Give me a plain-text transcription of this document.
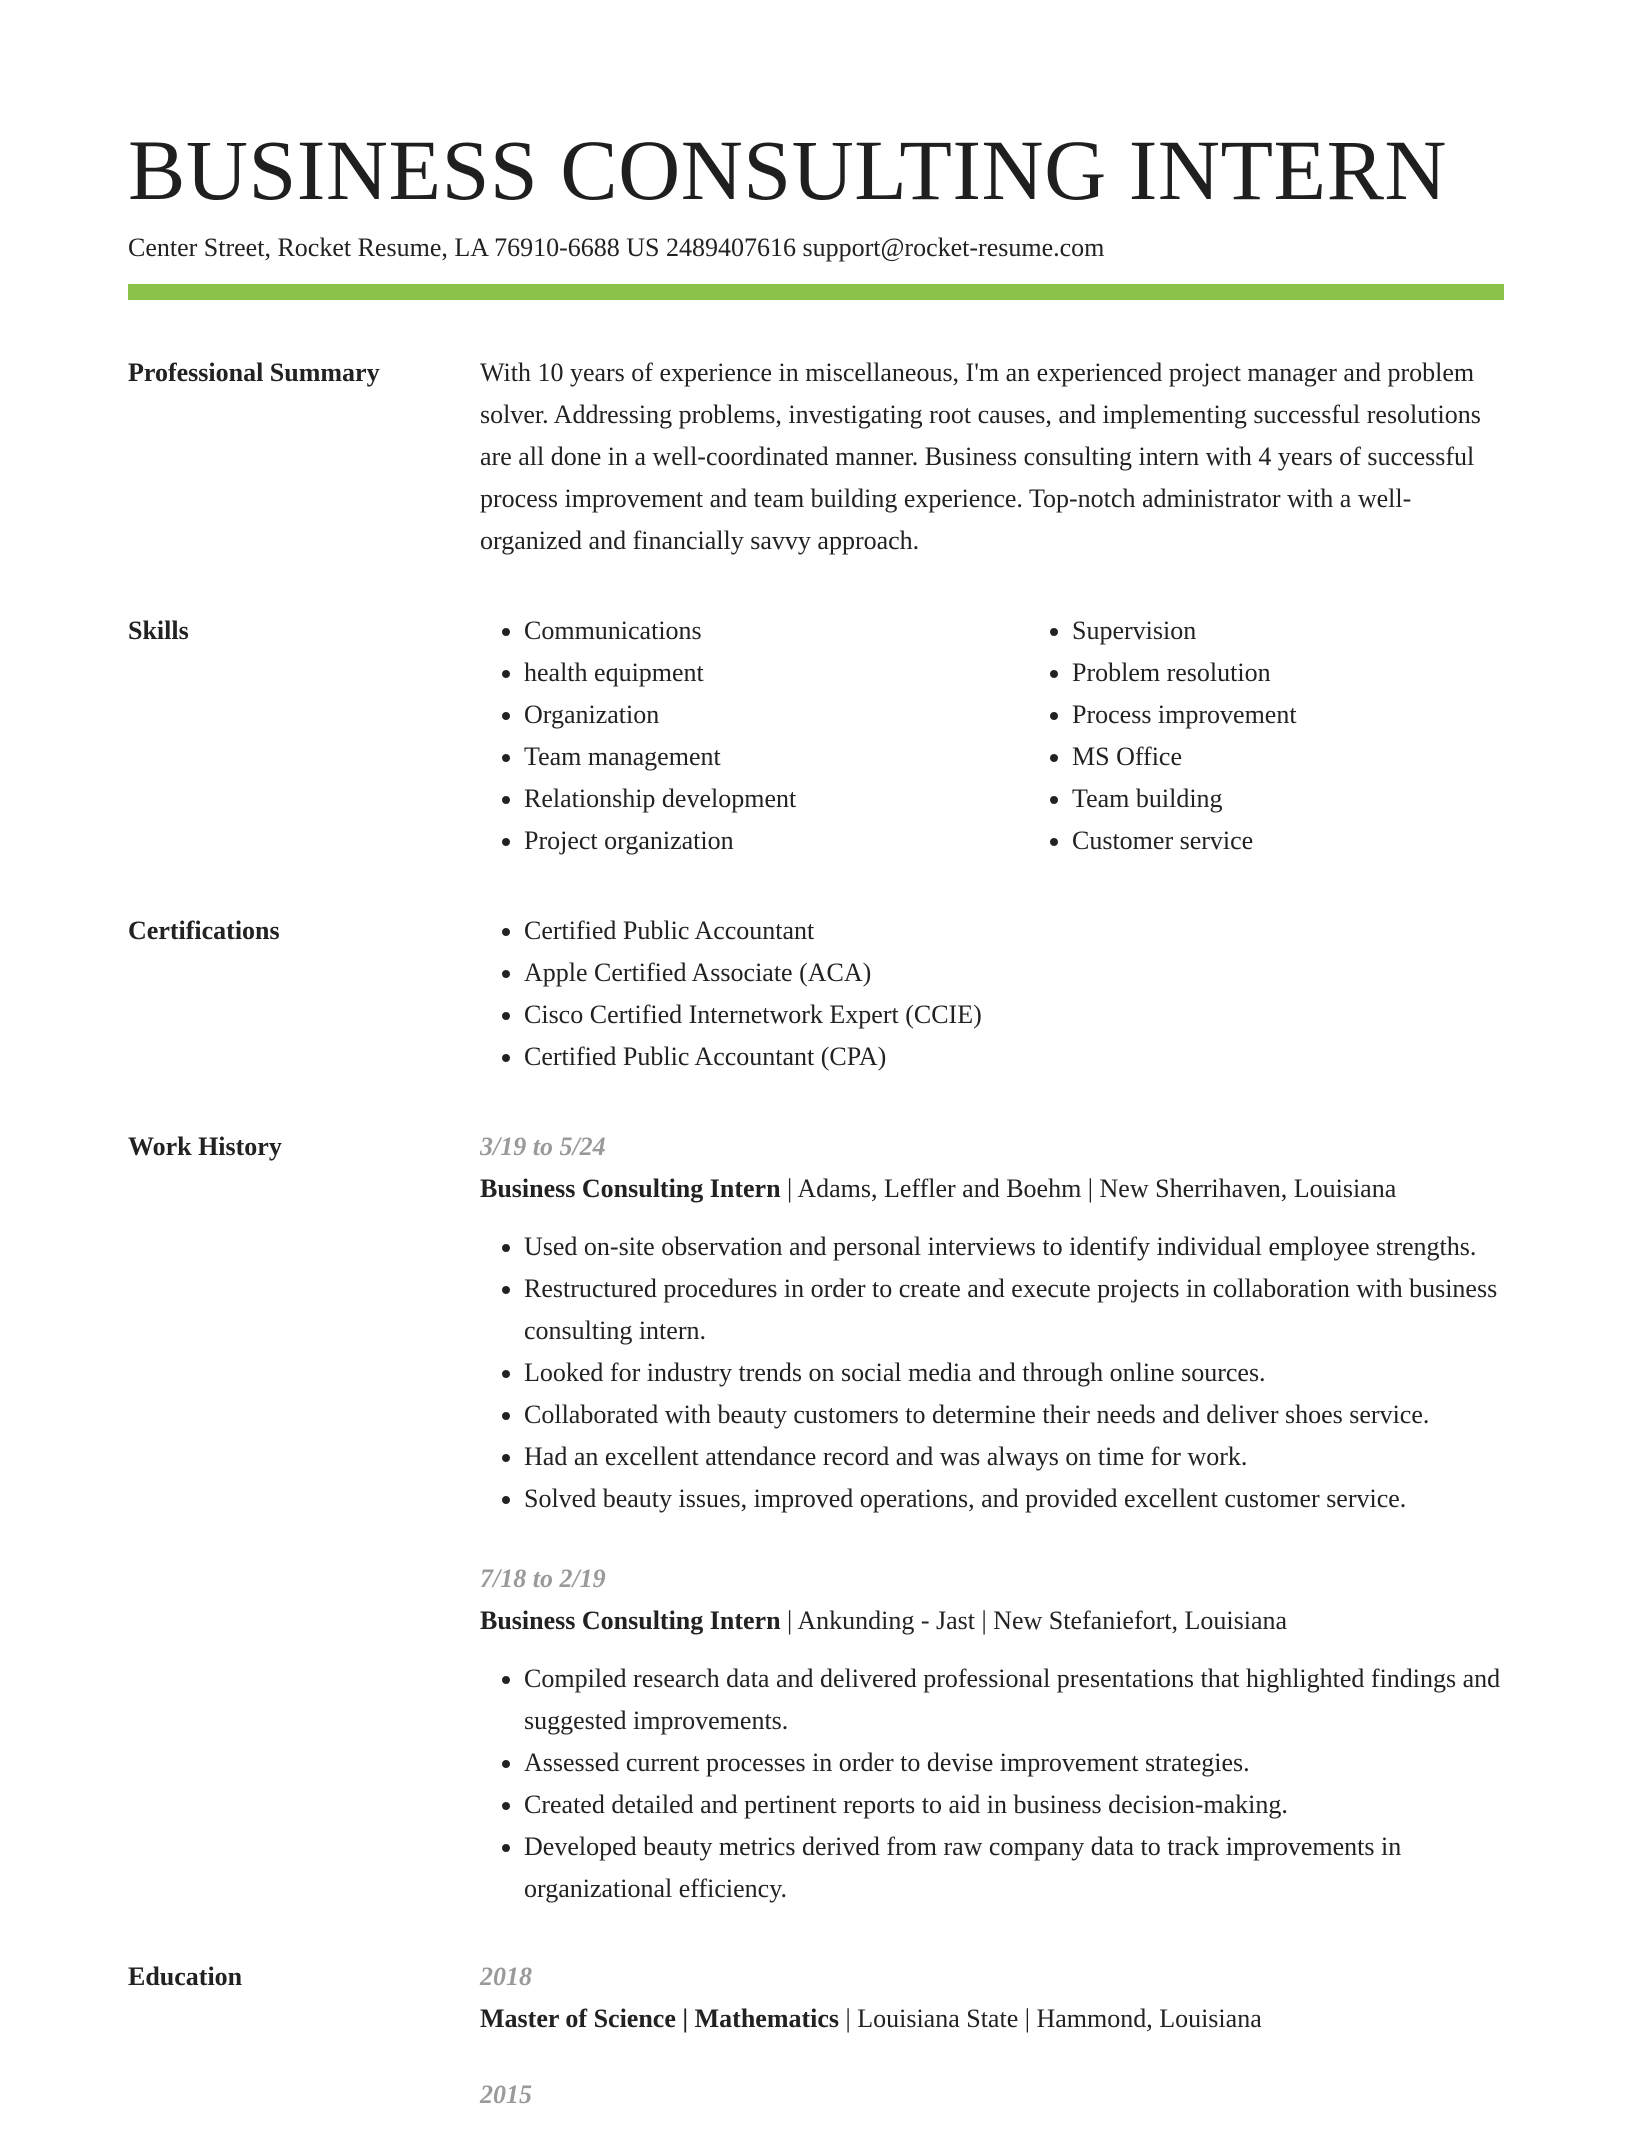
BUSINESS CONSULTING INTERN
Center Street, Rocket Resume, LA 76910-6688 US 2489407616 support@rocket-resume.com
Professional Summary	With 10 years of experience in miscellaneous, I'm an experienced project manager and problem solver. Addressing problems, investigating root causes, and implementing successful resolutions are all done in a well-coordinated manner. Business consulting intern with 4 years of successful process improvement and team building experience. Top-notch administrator with a well-organized and financially savvy approach.

Skills	• Communications
• health equipment
• Organization
• Team management
• Relationship development
• Project organization
• Supervision
• Problem resolution
• Process improvement
• MS Office
• Team building
• Customer service
Certifications	• Certified Public Accountant
• Apple Certified Associate (ACA)
• Cisco Certified Internetwork Expert (CCIE)
• Certified Public Accountant (CPA)
Work History	3/19 to 5/24
Business Consulting Intern | Adams, Leffler and Boehm | New Sherrihaven, Louisiana
• Used on-site observation and personal interviews to identify individual employee strengths.
• Restructured procedures in order to create and execute projects in collaboration with business consulting intern.
• Looked for industry trends on social media and through online sources.
• Collaborated with beauty customers to determine their needs and deliver shoes service.
• Had an excellent attendance record and was always on time for work.
• Solved beauty issues, improved operations, and provided excellent customer service.
7/18 to 2/19
Business Consulting Intern | Ankunding - Jast | New Stefaniefort, Louisiana
• Compiled research data and delivered professional presentations that highlighted findings and suggested improvements.
• Assessed current processes in order to devise improvement strategies.
• Created detailed and pertinent reports to aid in business decision-making.
• Developed beauty metrics derived from raw company data to track improvements in organizational efficiency.
Education	2018
Master of Science | Mathematics | Louisiana State | Hammond, Louisiana
2015
